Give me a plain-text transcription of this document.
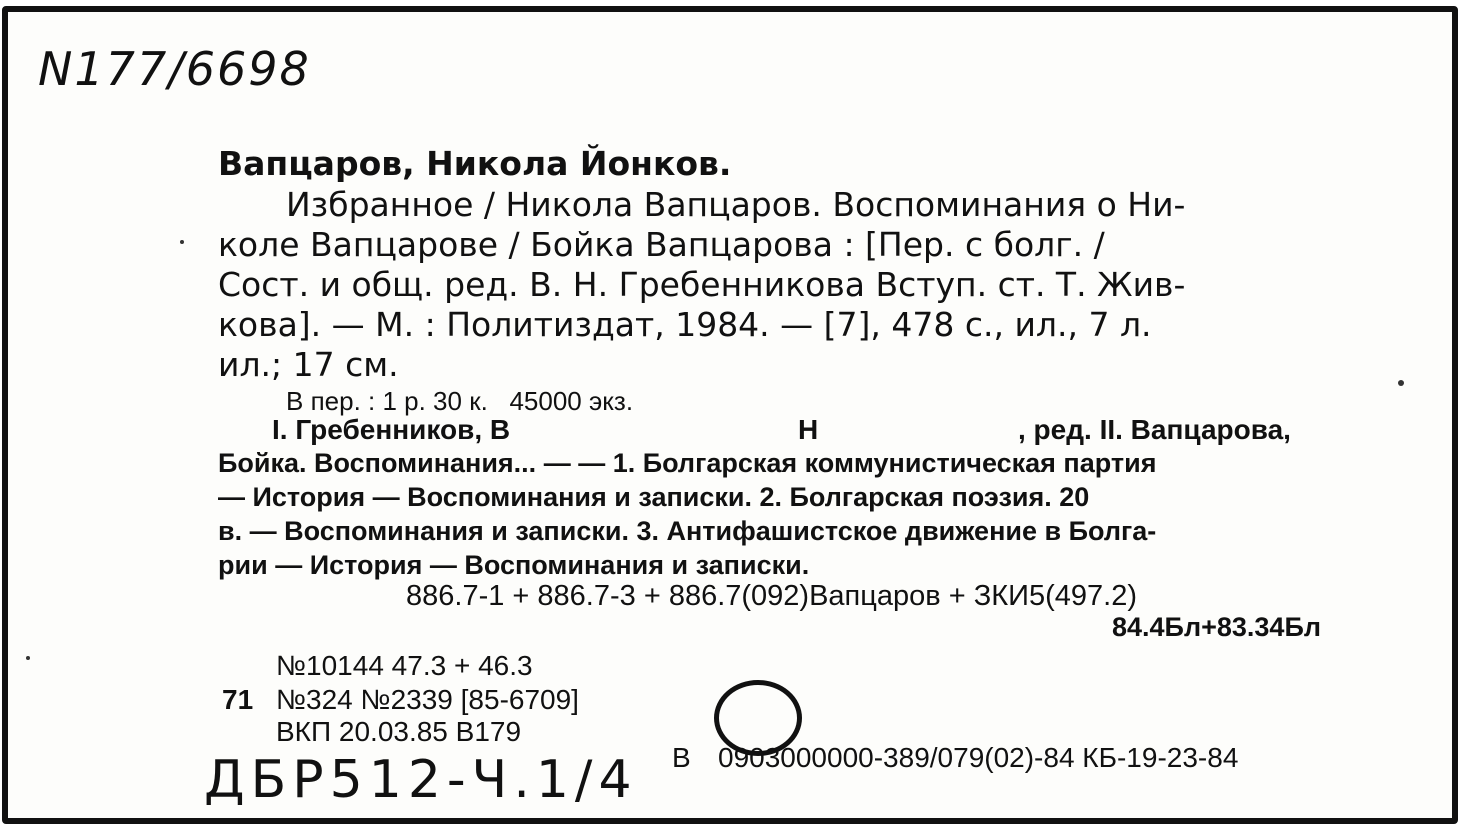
N177/6698
Вапцаров, Никола Йонков.
Избранное / Никола Вапцаров. Воспоминания о Ни-
коле Вапцарове / Бойка Вапцарова : [Пер. с болг. /
Сост. и общ. ред. В. Н. Гребенникова Вступ. ст. Т. Жив-
кова]. — М. : Политиздат, 1984. — [7], 478 с., ил., 7 л.
ил.; 17 см.
В пер. : 1 р. 30 к.   45000 экз.
I. Гребенников, В	Н	, ред. II. Вапцарова,
Бойка. Воспоминания... — — 1. Болгарская коммунистическая партия
— История — Воспоминания и записки. 2. Болгарская поэзия. 20
в. — Воспоминания и записки. 3. Антифашистское движение в Болга-
рии — История — Воспоминания и записки.
886.7-1 + 886.7-3 + 886.7(092)Вапцаров + ЗКИ5(497.2)
84.4Бл+83.34Бл
№10144 47.3 + 46.3
71 №324 №2339 [85-6709]
ВКП 20.03.85 В179
В 0903000000-389/079(02)-84 КБ-19-23-84
ДБР512-Ч.1/4
